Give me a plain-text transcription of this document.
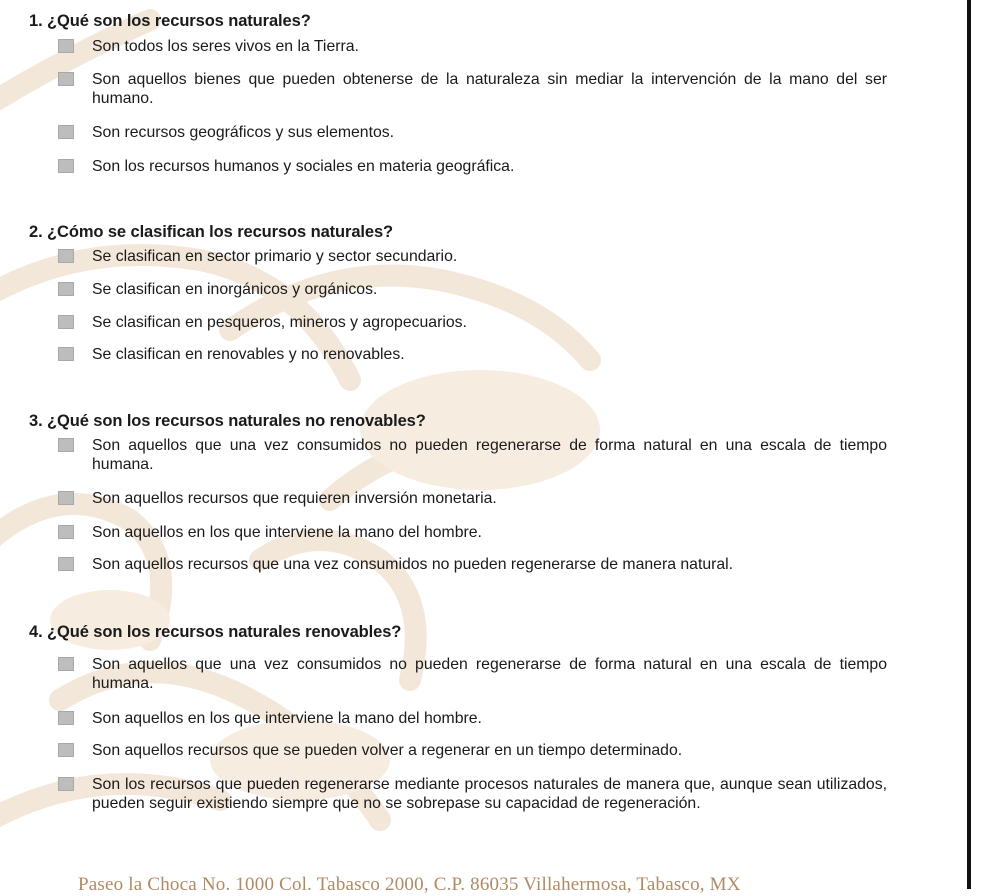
1. ¿Qué son los recursos naturales?
Son todos los seres vivos en la Tierra.
Son aquellos bienes que pueden obtenerse de la naturaleza sin mediar la intervención de la mano del ser humano.
Son recursos geográficos y sus elementos.
Son los recursos humanos y sociales en materia geográfica.
2. ¿Cómo se clasifican los recursos naturales?
Se clasifican en sector primario y sector secundario.
Se clasifican en inorgánicos y orgánicos.
Se clasifican en pesqueros, mineros y agropecuarios.
Se clasifican en renovables y no renovables.
3. ¿Qué son los recursos naturales no renovables?
Son aquellos que una vez consumidos no pueden regenerarse de forma natural en una escala de tiempo humana.
Son aquellos recursos que requieren inversión monetaria.
Son aquellos en los que interviene la mano del hombre.
Son aquellos recursos que una vez consumidos no pueden regenerarse de manera natural.
4. ¿Qué son los recursos naturales renovables?
Son aquellos que una vez consumidos no pueden regenerarse de forma natural en una escala de tiempo humana.
Son aquellos en los que interviene la mano del hombre.
Son aquellos recursos que se pueden volver a regenerar en un tiempo determinado.
Son los recursos que pueden regenerarse mediante procesos naturales de manera que, aunque sean utilizados, pueden seguir existiendo siempre que no se sobrepase su capacidad de regeneración.
Paseo la Choca No. 1000 Col. Tabasco 2000, C.P. 86035 Villahermosa, Tabasco, MX
